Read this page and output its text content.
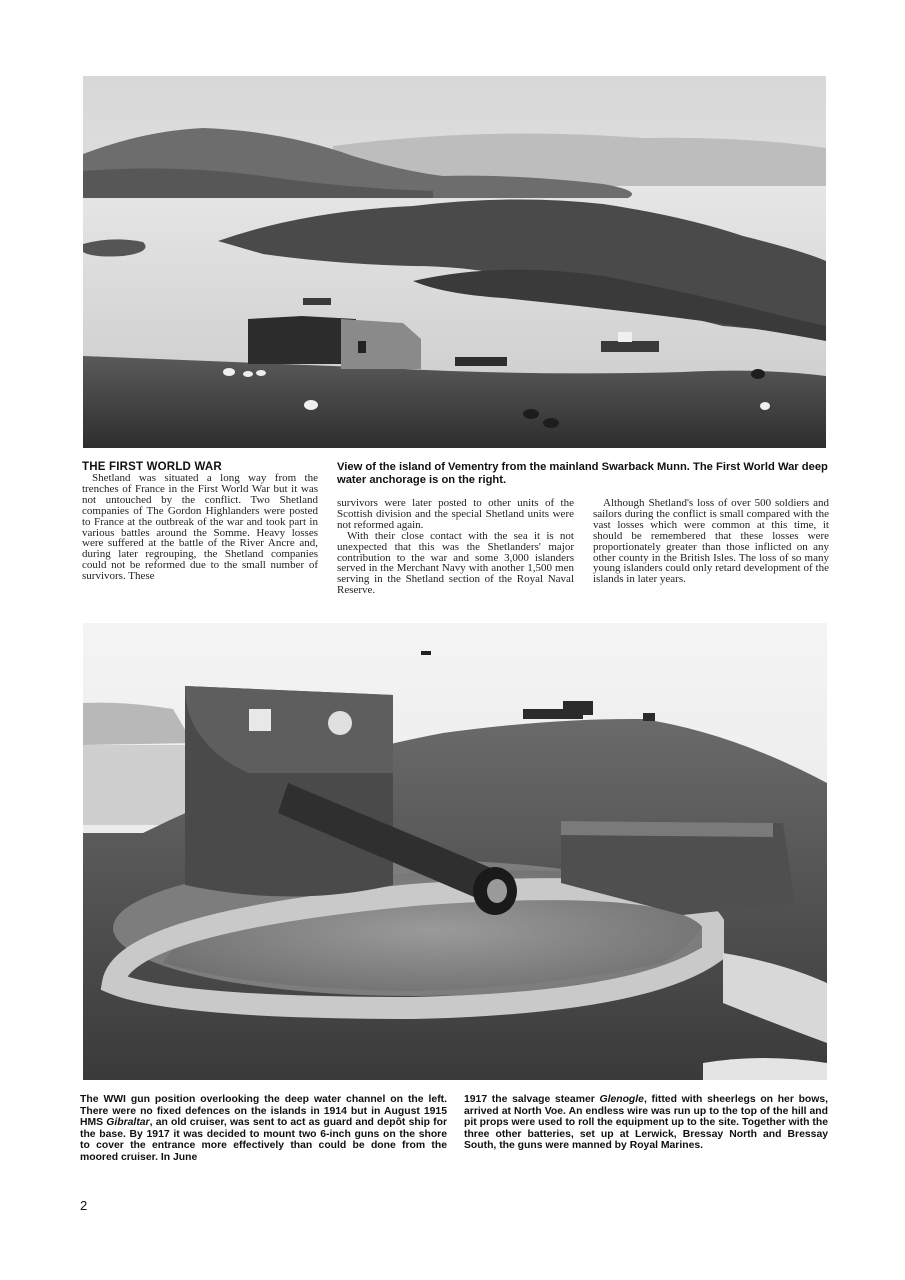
THE FIRST WORLD WAR	View of the island of Vementry from the mainland Swarback Munn. The First World War deep water anchorage is on the right.

Shetland was situated a long way from the trenches of France in the First World War but it was not untouched by the conflict. Two Shetland companies of The Gordon Highlanders were posted to France at the outbreak of the war and took part in various battles around the Somme. Heavy losses were suffered at the battle of the River Ancre and, during later regrouping, the Shetland companies could not be reformed due to the small number of survivors. These

survivors were later posted to other units of the Scottish division and the special Shetland units were not reformed again.

With their close contact with the sea it is not unexpected that this was the Shetlanders' major contribution to the war and some 3,000 islanders served in the Merchant Navy with another 1,500 men serving in the Shetland section of the Royal Naval Reserve.

Although Shetland's loss of over 500 soldiers and sailors during the conflict is small compared with the vast losses which were common at this time, it should be remembered that these losses were proportionately greater than those inflicted on any other county in the British Isles. The loss of so many young islanders could only retard development of the islands in later years.

The WWI gun position overlooking the deep water channel on the left. There were no fixed defences on the islands in 1914 but in August 1915 HMS Gibraltar, an old cruiser, was sent to act as guard and depôt ship for the base. By 1917 it was decided to mount two 6-inch guns on the shore to cover the entrance more effectively than could be done from the moored cruiser. In June
1917 the salvage steamer Glenogle, fitted with sheerlegs on her bows, arrived at North Voe. An endless wire was run up to the top of the hill and pit props were used to roll the equipment up to the site. Together with the three other batteries, set up at Lerwick, Bressay North and Bressay South, the guns were manned by Royal Marines.
2
